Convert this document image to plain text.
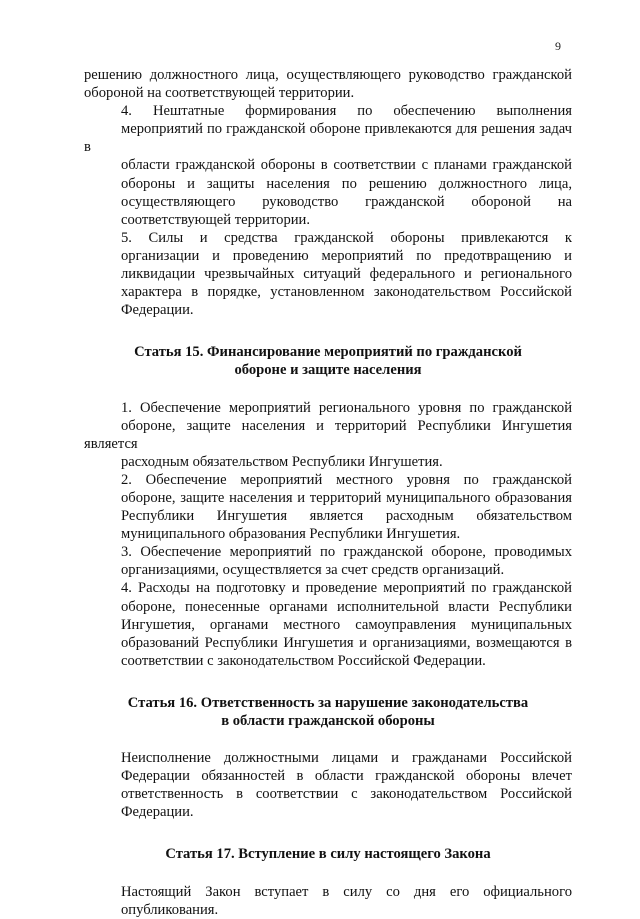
9

решению должностного лица, осуществляющего руководство гражданской
обороной на соответствующей территории.

4. Нештатные формирования по обеспечению выполнения
мероприятий по гражданской обороне привлекаются для решения задач в
области гражданской обороны в соответствии с планами гражданской
обороны и защиты населения по решению должностного лица,
осуществляющего руководство гражданской обороной на
соответствующей территории.

5. Силы и средства гражданской обороны привлекаются к
организации и проведению мероприятий по предотвращению и
ликвидации чрезвычайных ситуаций федерального и регионального
характера в порядке, установленном законодательством Российской
Федерации.

Статья 15. Финансирование мероприятий по гражданской
обороне и защите населения

1. Обеспечение мероприятий регионального уровня по гражданской
обороне, защите населения и территорий Республики Ингушетия является
расходным обязательством Республики Ингушетия.

2. Обеспечение мероприятий местного уровня по гражданской
обороне, защите населения и территорий муниципального образования
Республики Ингушетия является расходным обязательством
муниципального образования Республики Ингушетия.

3. Обеспечение мероприятий по гражданской обороне, проводимых
организациями, осуществляется за счет средств организаций.

4. Расходы на подготовку и проведение мероприятий по гражданской
обороне, понесенные органами исполнительной власти Республики
Ингушетия, органами местного самоуправления муниципальных
образований Республики Ингушетия и организациями, возмещаются в
соответствии с законодательством Российской Федерации.

Статья 16. Ответственность за нарушение законодательства
в области гражданской обороны

Неисполнение должностными лицами и гражданами Российской
Федерации обязанностей в области гражданской обороны влечет
ответственность в соответствии с законодательством Российской
Федерации.

Статья 17. Вступление в силу настоящего Закона

Настоящий Закон вступает в силу со дня его официального
опубликования.
